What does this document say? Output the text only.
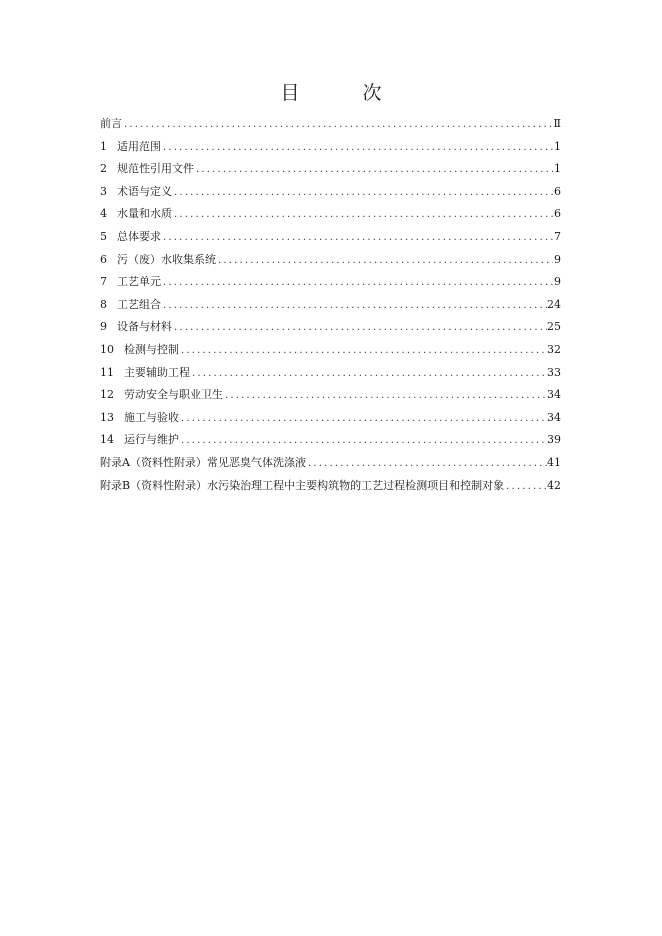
目　次
前言 .....	Ⅱ
1 适用范围 .....	1
2 规范性引用文件 .....	1
3 术语与定义 .....	6
4 水量和水质 .....	6
5 总体要求 .....	7
6 污（废）水收集系统 .....	9
7 工艺单元 .....	9
8 工艺组合 .....	24
9 设备与材料 .....	25
10 检测与控制 .....	32
11 主要辅助工程 .....	33
12 劳动安全与职业卫生 .....	34
13 施工与验收 .....	34
14 运行与维护 .....	39
附录A（资料性附录）常见恶臭气体洗涤液 .....	41
附录B（资料性附录）水污染治理工程中主要构筑物的工艺过程检测项目和控制对象 .....	42
